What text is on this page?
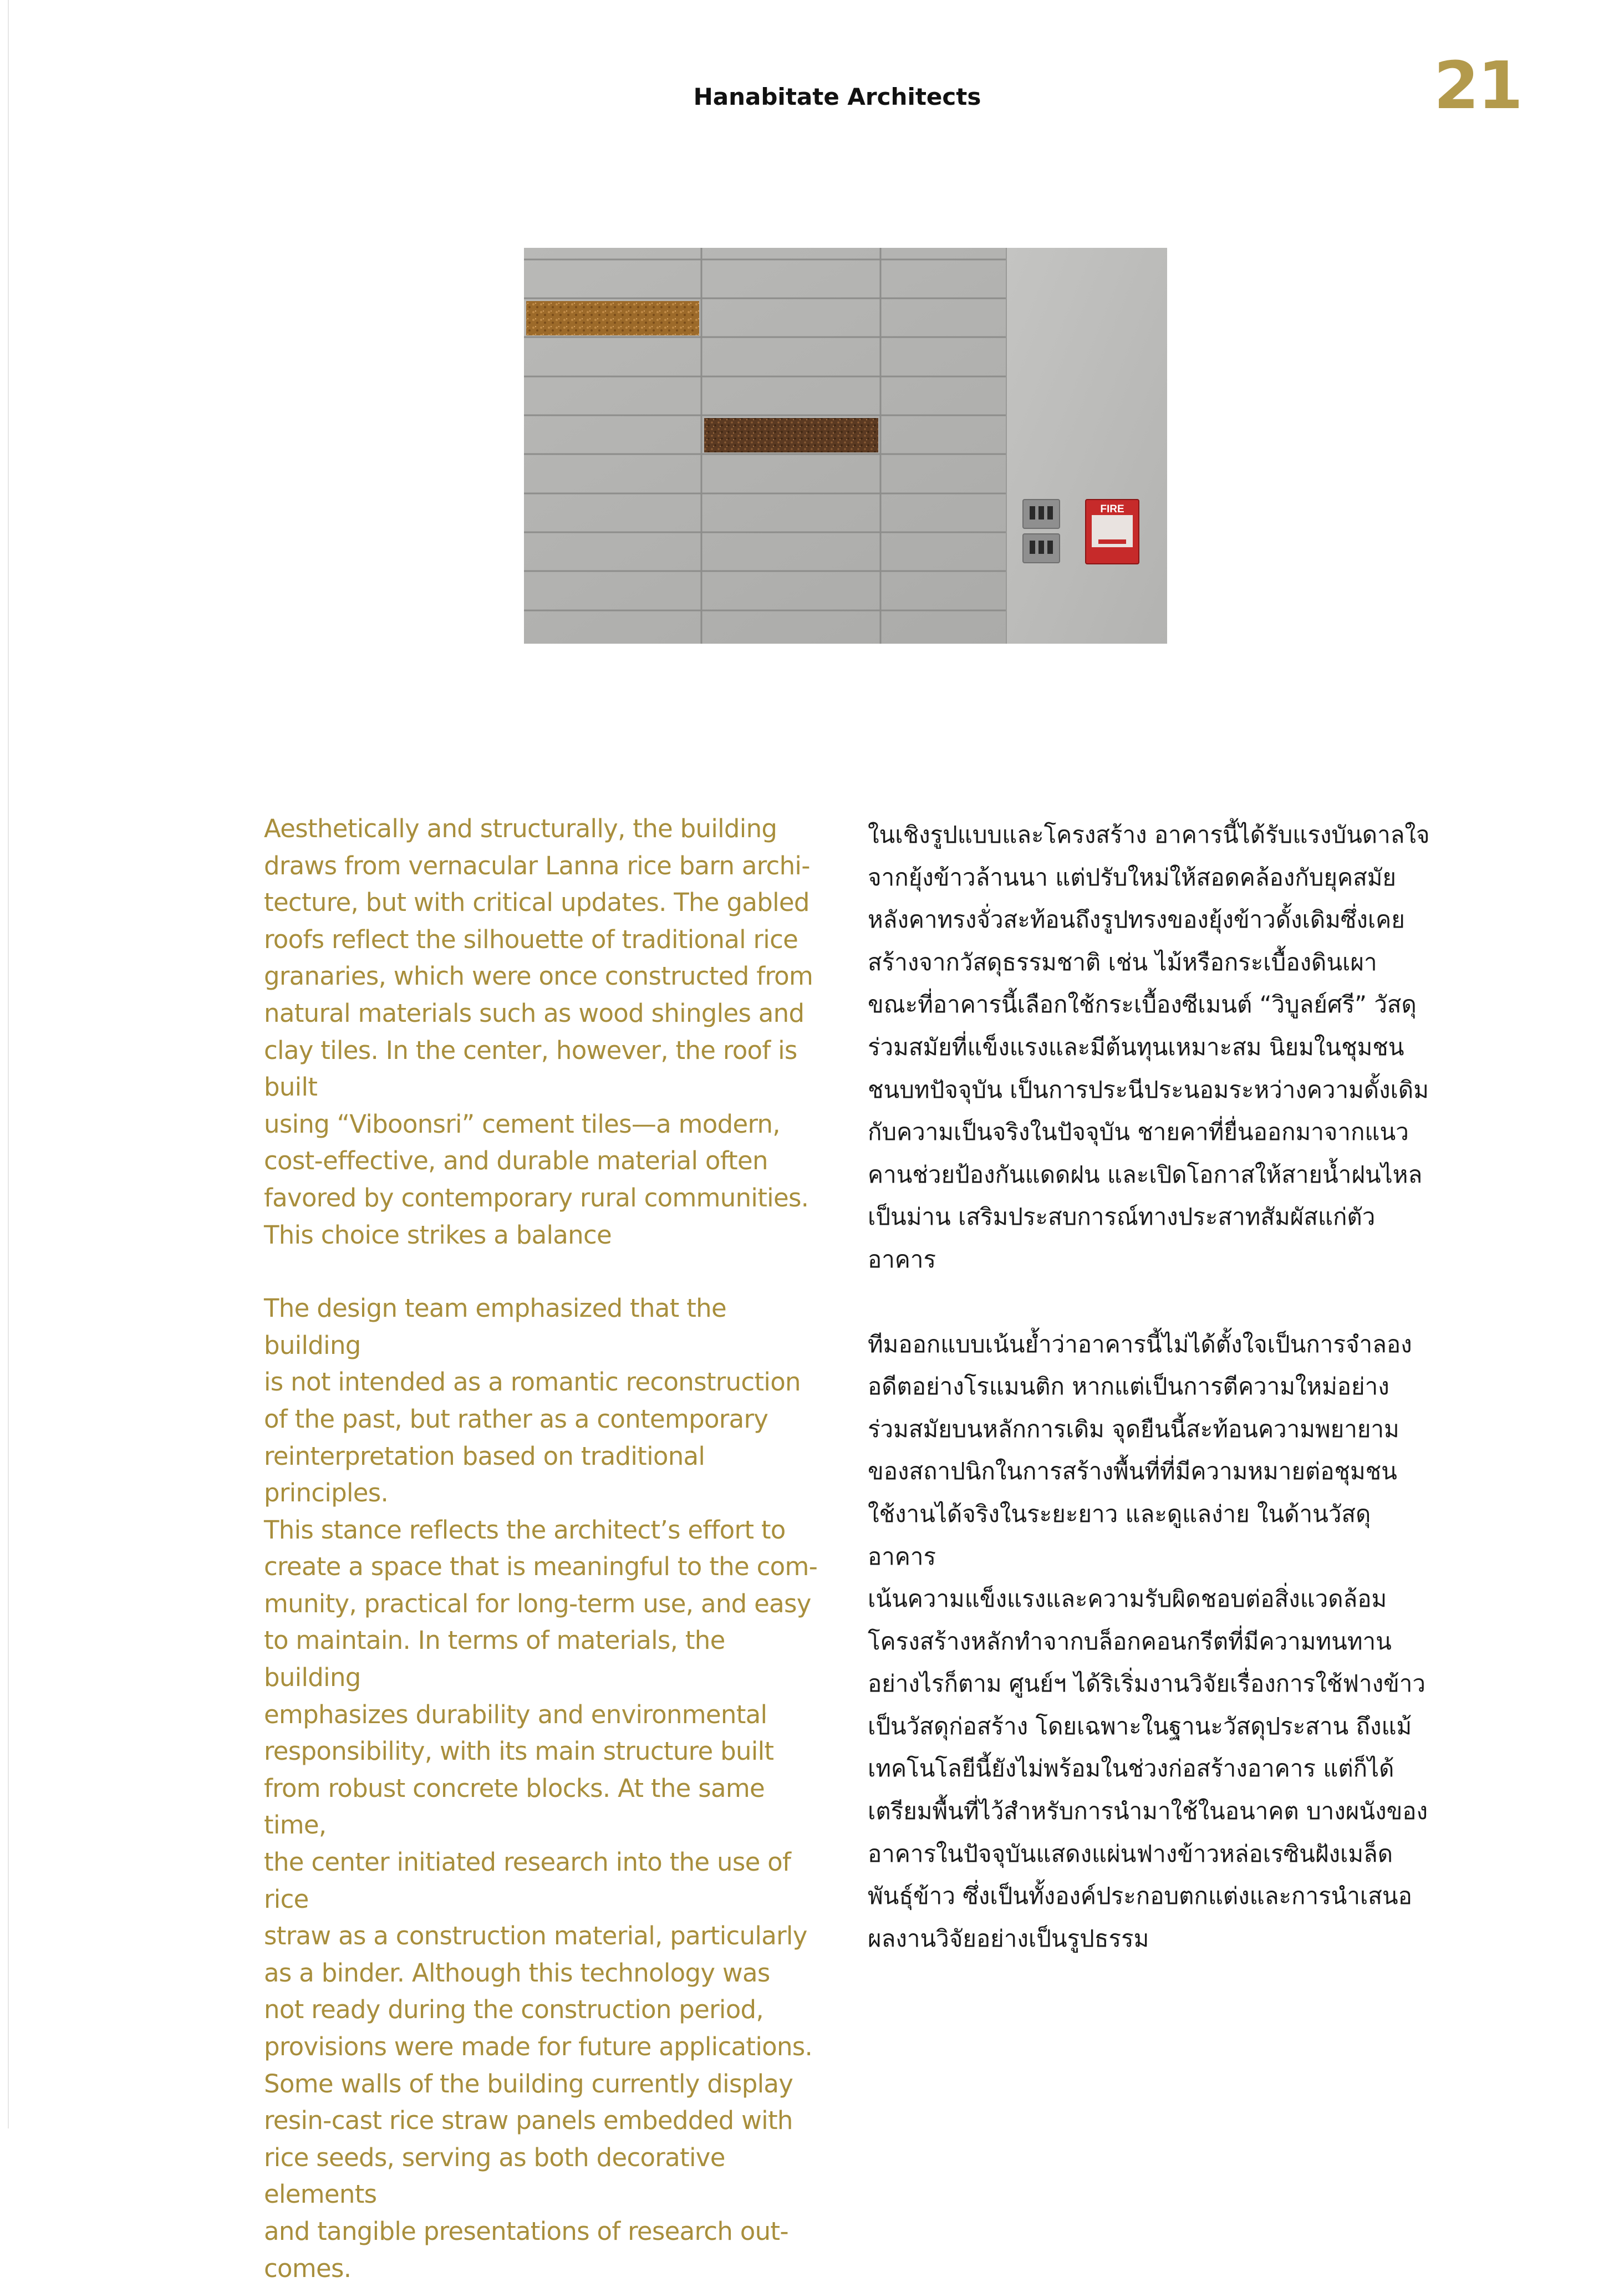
Hanabitate Architects	21
FIRE

Aesthetically and structurally, the building
draws from vernacular Lanna rice barn archi-
tecture, but with critical updates. The gabled
roofs reflect the silhouette of traditional rice
granaries, which were once constructed from
natural materials such as wood shingles and
clay tiles. In the center, however, the roof is built
using “Viboonsri” cement tiles—a modern,
cost-effective, and durable material often
favored by contemporary rural communities.
This choice strikes a balance

The design team emphasized that the building
is not intended as a romantic reconstruction
of the past, but rather as a contemporary
reinterpretation based on traditional principles.
This stance reflects the architect’s effort to
create a space that is meaningful to the com-
munity, practical for long-term use, and easy
to maintain. In terms of materials, the building
emphasizes durability and environmental
responsibility, with its main structure built
from robust concrete blocks. At the same time,
the center initiated research into the use of rice
straw as a construction material, particularly
as a binder. Although this technology was
not ready during the construction period,
provisions were made for future applications.
Some walls of the building currently display
resin-cast rice straw panels embedded with
rice seeds, serving as both decorative elements
and tangible presentations of research out-
comes.

ในเชิงรูปแบบและโครงสร้าง อาคารนี้ได้รับแรงบันดาลใจ
จากยุ้งข้าวล้านนา แต่ปรับใหม่ให้สอดคล้องกับยุคสมัย
หลังคาทรงจั่วสะท้อนถึงรูปทรงของยุ้งข้าวดั้งเดิมซึ่งเคย
สร้างจากวัสดุธรรมชาติ เช่น ไม้หรือกระเบื้องดินเผา
ขณะที่อาคารนี้เลือกใช้กระเบื้องซีเมนต์ “วิบูลย์ศรี” วัสดุ
ร่วมสมัยที่แข็งแรงและมีต้นทุนเหมาะสม นิยมในชุมชน
ชนบทปัจจุบัน เป็นการประนีประนอมระหว่างความดั้งเดิม
กับความเป็นจริงในปัจจุบัน ชายคาที่ยื่นออกมาจากแนว
คานช่วยป้องกันแดดฝน และเปิดโอกาสให้สายน้ำฝนไหล
เป็นม่าน เสริมประสบการณ์ทางประสาทสัมผัสแก่ตัว
อาคาร

ทีมออกแบบเน้นย้ำว่าอาคารนี้ไม่ได้ตั้งใจเป็นการจำลอง
อดีตอย่างโรแมนติก หากแต่เป็นการตีความใหม่อย่าง
ร่วมสมัยบนหลักการเดิม จุดยืนนี้สะท้อนความพยายาม
ของสถาปนิกในการสร้างพื้นที่ที่มีความหมายต่อชุมชน
ใช้งานได้จริงในระยะยาว และดูแลง่าย ในด้านวัสดุ อาคาร
เน้นความแข็งแรงและความรับผิดชอบต่อสิ่งแวดล้อม
โครงสร้างหลักทำจากบล็อกคอนกรีตที่มีความทนทาน
อย่างไรก็ตาม ศูนย์ฯ ได้ริเริ่มงานวิจัยเรื่องการใช้ฟางข้าว
เป็นวัสดุก่อสร้าง โดยเฉพาะในฐานะวัสดุประสาน ถึงแม้
เทคโนโลยีนี้ยังไม่พร้อมในช่วงก่อสร้างอาคาร แต่ก็ได้
เตรียมพื้นที่ไว้สำหรับการนำมาใช้ในอนาคต บางผนังของ
อาคารในปัจจุบันแสดงแผ่นฟางข้าวหล่อเรซินฝังเมล็ด
พันธุ์ข้าว ซึ่งเป็นทั้งองค์ประกอบตกแต่งและการนำเสนอ
ผลงานวิจัยอย่างเป็นรูปธรรม
